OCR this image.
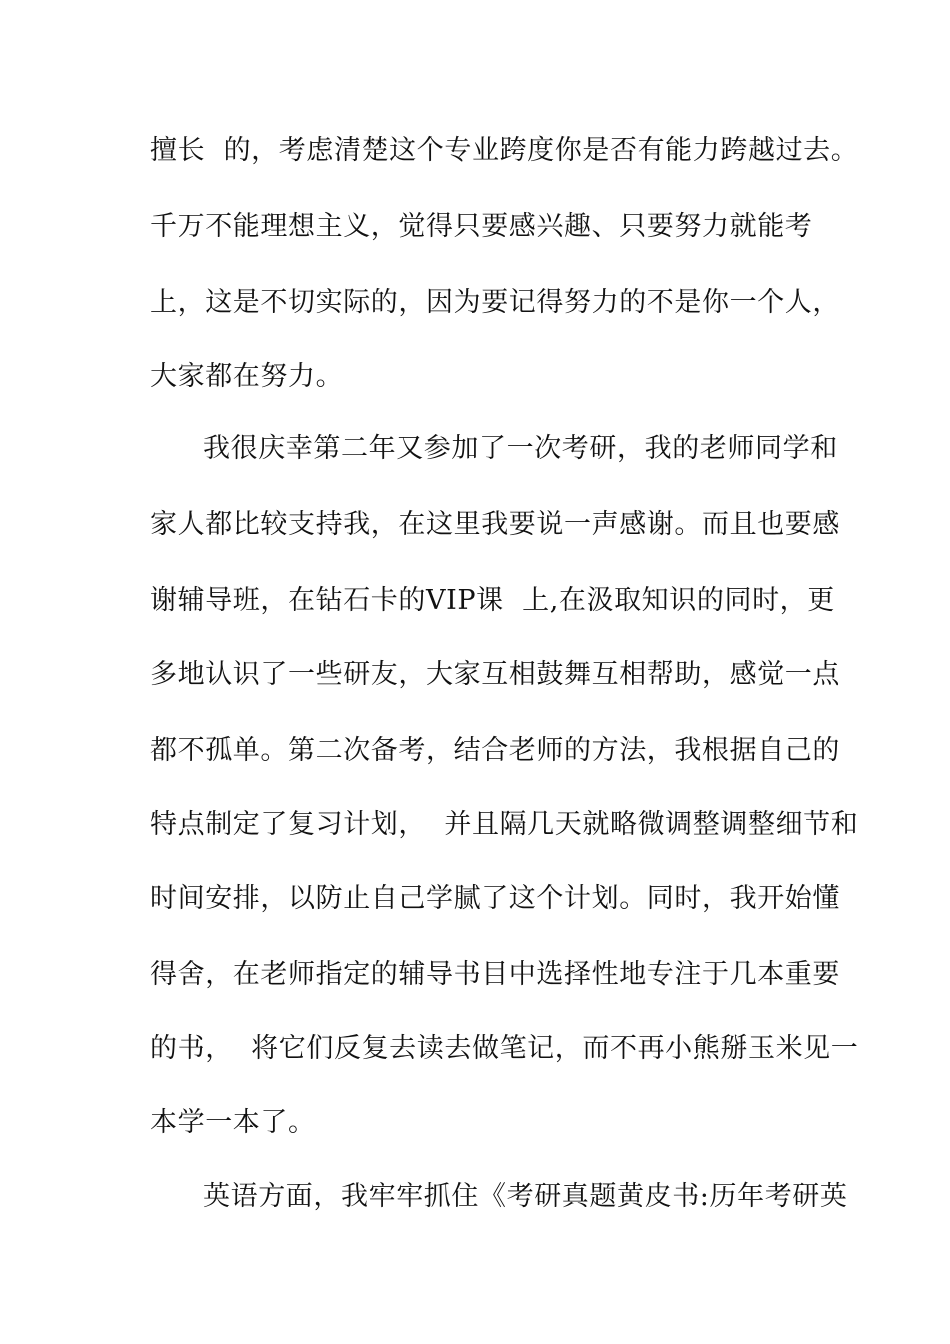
擅长  的，考虑清楚这个专业跨度你是否有能力跨越过去。
千万不能理想主义，觉得只要感兴趣、只要努力就能考
上，这是不切实际的，因为要记得努力的不是你一个人，
大家都在努力。
我很庆幸第二年又参加了一次考研，我的老师同学和
家人都比较支持我，在这里我要说一声感谢。而且也要感
谢辅导班，在钻石卡的VIP课  上,在汲取知识的同时，更
多地认识了一些研友，大家互相鼓舞互相帮助，感觉一点
都不孤单。第二次备考，结合老师的方法，我根据自己的
特点制定了复习计划，  并且隔几天就略微调整调整细节和
时间安排，以防止自己学腻了这个计划。同时，我开始懂
得舍，在老师指定的辅导书目中选择性地专注于几本重要
的书，  将它们反复去读去做笔记，而不再小熊掰玉米见一
本学一本了。
英语方面，我牢牢抓住《考研真题黄皮书:历年考研英
